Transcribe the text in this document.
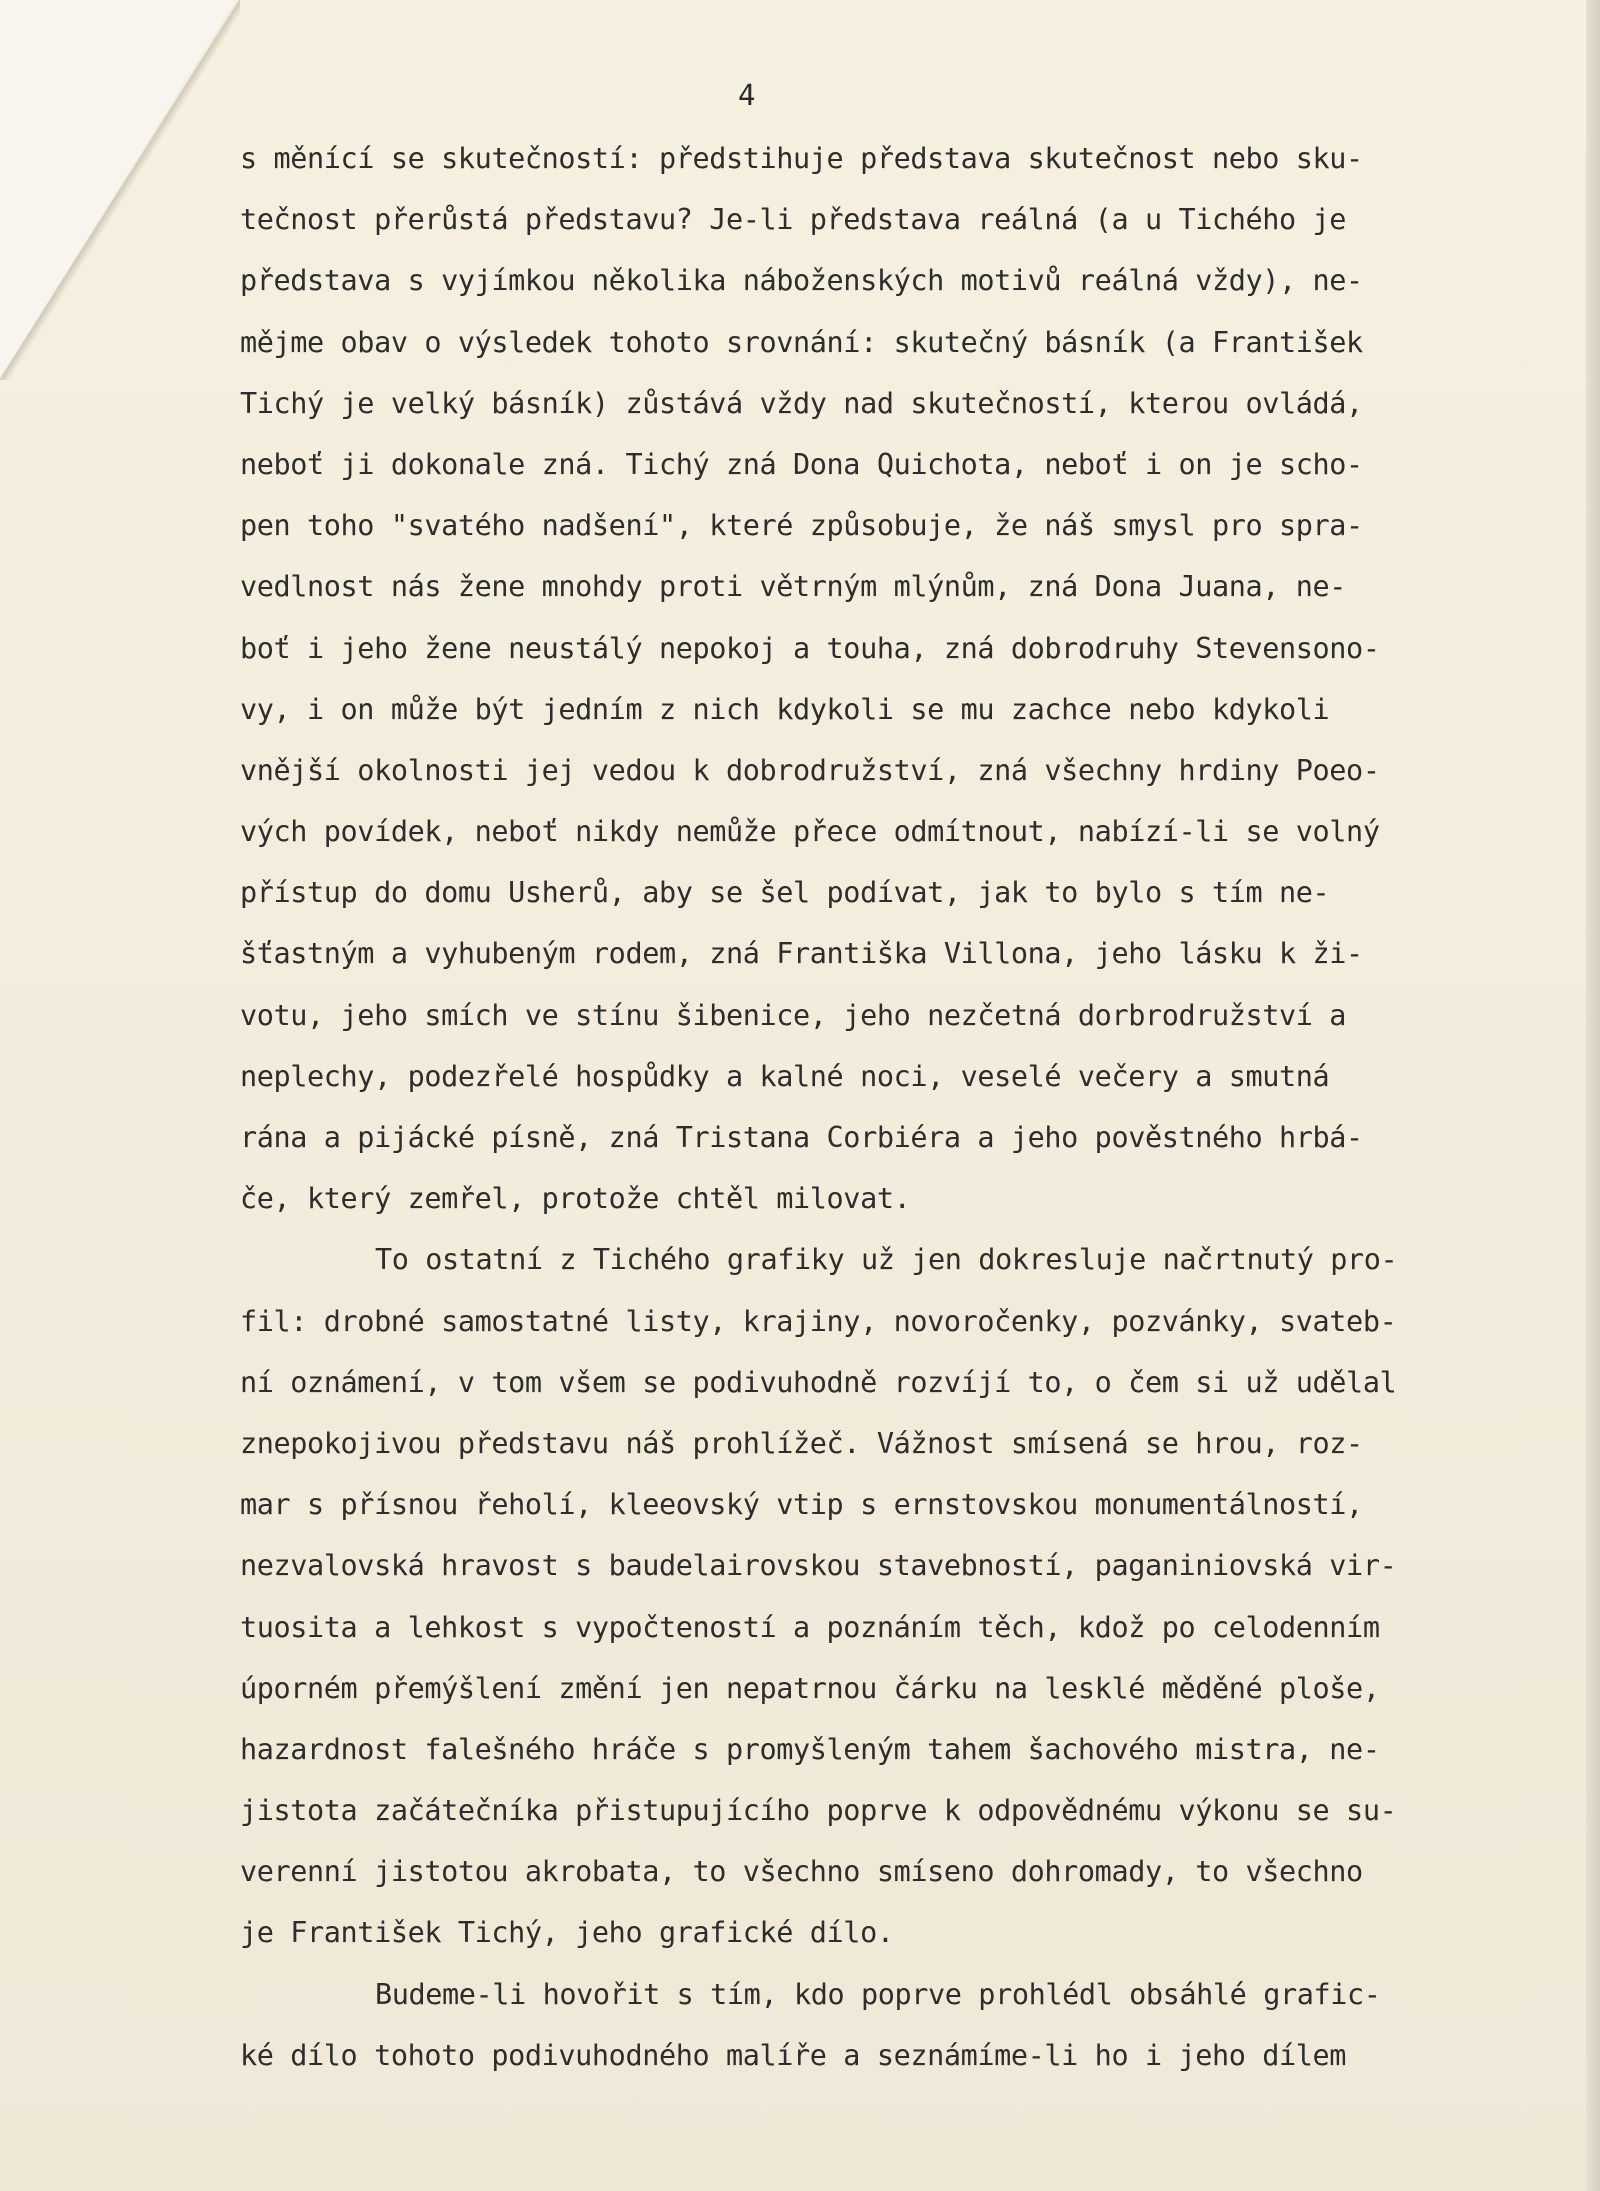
4
s měnící se skutečností: předstihuje představa skutečnost nebo sku-
tečnost přerůstá představu? Je-li představa reálná (a u Tichého je
představa s vyjímkou několika náboženských motivů reálná vždy), ne-
mějme obav o výsledek tohoto srovnání: skutečný básník (a František
Tichý je velký básník) zůstává vždy nad skutečností, kterou ovládá,
neboť ji dokonale zná. Tichý zná Dona Quichota, neboť i on je scho-
pen toho "svatého nadšení", které způsobuje, že náš smysl pro spra-
vedlnost nás žene mnohdy proti větrným mlýnům, zná Dona Juana, ne-
boť i jeho žene neustálý nepokoj a touha, zná dobrodruhy Stevensono-
vy, i on může být jedním z nich kdykoli se mu zachce nebo kdykoli
vnější okolnosti jej vedou k dobrodružství, zná všechny hrdiny Poeo-
vých povídek, neboť nikdy nemůže přece odmítnout, nabízí-li se volný
přístup do domu Usherů, aby se šel podívat, jak to bylo s tím ne-
šťastným a vyhubeným rodem, zná Františka Villona, jeho lásku k ži-
votu, jeho smích ve stínu šibenice, jeho nezčetná dorbrodružství a
neplechy, podezřelé hospůdky a kalné noci, veselé večery a smutná
rána a pijácké písně, zná Tristana Corbiéra a jeho pověstného hrbá-
če, který zemřel, protože chtěl milovat.
To ostatní z Tichého grafiky už jen dokresluje načrtnutý pro-
fil: drobné samostatné listy, krajiny, novoročenky, pozvánky, svateb-
ní oznámení, v tom všem se podivuhodně rozvíjí to, o čem si už udělal
znepokojivou představu náš prohlížeč. Vážnost smísená se hrou, roz-
mar s přísnou řeholí, kleeovský vtip s ernstovskou monumentálností,
nezvalovská hravost s baudelairovskou stavebností, paganiniovská vir-
tuosita a lehkost s vypočteností a poznáním těch, kdož po celodenním
úporném přemýšlení změní jen nepatrnou čárku na lesklé měděné ploše,
hazardnost falešného hráče s promyšleným tahem šachového mistra, ne-
jistota začátečníka přistupujícího poprve k odpovědnému výkonu se su-
verenní jistotou akrobata, to všechno smíseno dohromady, to všechno
je František Tichý, jeho grafické dílo.
Budeme-li hovořit s tím, kdo poprve prohlédl obsáhlé grafic-
ké dílo tohoto podivuhodného malíře a seznámíme-li ho i jeho dílem
